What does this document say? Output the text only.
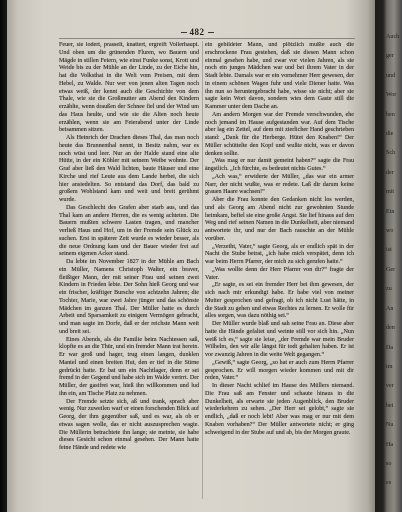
482

Feuer, sie lodert, prasselt, knattert, ergreift Vollerhaupt. Und oben um die grünenden Fluren, wo Bauern und Mägde in stillen Feiern, wie einst Funke sonst, Krott und Weide bis zu der Mühle an der Linde, zu der Eiche hin, hat die Volksthat in die Welt vom Preisen, mit dem Hebel, zu Walde. Nur wer von jenen alten Tagen noch etwas weiß, der kennt auch die Geschichte von dem Thale, wie sie die Großmutter am Abend den Kindern erzählte, wenn draußen der Schnee fiel und der Wind um das Haus heulte, und wie sie die Alten noch heute erzählen, wenn sie am Feierabend unter der Linde beisammen sitzen.

Als Heinrich der Drachen dieses Thal, das man noch heute das Brunnenthal nennt, in Besitz nahm, war es noch wüst und leer. Nur an der Halde stand eine alte Hütte, in der ein Köhler mit seinem Weibe wohnte. Der Graf aber ließ den Wald lichten, baute Häuser und eine Kirche und rief Leute aus dem Lande herbei, die sich hier ansiedelten. So entstand das Dorf, das bald zu großem Wohlstand kam und weit und breit gerühmt wurde.

Das Geschlecht des Grafen aber starb aus, und das Thal kam an andere Herren, die es wenig achteten. Die Bauern mußten schwere Lasten tragen, und mancher verließ Haus und Hof, um in der Fremde sein Glück zu suchen. Erst in späterer Zeit wurde es wieder besser, als die neue Ordnung kam und der Bauer wieder frei auf seinem eigenen Acker stand.

Da lebte im November 1827 in der Mühle am Bach ein Müller, Namens Christoph Walter, ein braver, fleißiger Mann, der mit seiner Frau und seinen zwei Kindern in Frieden lebte. Der Sohn hieß Georg und war ein frischer, kräftiger Bursche von achtzehn Jahren; die Tochter, Marie, war zwei Jahre jünger und das schönste Mädchen im ganzen Thal. Der Müller hatte es durch Arbeit und Sparsamkeit zu einigem Vermögen gebracht, und man sagte im Dorfe, daß er der reichste Mann weit und breit sei.

Eines Abends, als die Familie beim Nachtessen saß, klopfte es an die Thür, und ein fremder Mann trat herein. Er war groß und hager, trug einen langen, dunklen Mantel und einen breiten Hut, den er tief in die Stirne gedrückt hatte. Er bat um ein Nachtlager, denn er sei fremd in der Gegend und habe sich im Walde verirrt. Der Müller, der gastfrei war, hieß ihn willkommen und lud ihn ein, am Tische Platz zu nehmen.

Der Fremde setzte sich, aß und trank, sprach aber wenig. Nur zuweilen warf er einen forschenden Blick auf Georg, der ihm gegenüber saß, und es war, als ob er etwas sagen wolle, das er nicht auszusprechen wagte. Die Müllerin betrachtete ihn lange; sie meinte, sie habe dieses Gesicht schon einmal gesehen. Der Mann hatte feine Hände und redete wie

ein gebildeter Mann, und plötzlich mußte auch die erschrockene Frau gestehen, daß sie diesen Mann schon einmal gesehen habe, und zwar vor vielen Jahren, als sie noch ein junges Mädchen war und bei ihrem Vater in der Stadt lebte. Damals war er ein vornehmer Herr gewesen, der in einem schönen Wagen fuhr und viele Diener hatte. Was ihn nun so heruntergebracht habe, wisse sie nicht; aber sie sagte kein Wort davon, sondern wies dem Gaste still die Kammer unter dem Dache an.

Am andern Morgen war der Fremde verschwunden, ehe noch jemand im Hause aufgestanden war. Auf dem Tische aber lag ein Zettel, auf dem mit zierlicher Hand geschrieben stand: „Dank für die Herberge. Hütet den Knaben!“ Der Müller schüttelte den Kopf und wußte nicht, was er davon denken sollte.

„Was mag er nur damit gemeint haben?“ sagte die Frau ängstlich. „Ich fürchte, es bedeutet nichts Gutes.“

„Ach was,“ erwiderte der Müller, „das war ein armer Narr, der nicht wußte, was er redete. Laß dir darum keine grauen Haare wachsen!“

Aber die Frau konnte den Gedanken nicht los werden, und als Georg am Abend nicht zur gewohnten Stunde heimkam, befiel sie eine große Angst. Sie lief hinaus auf den Weg und rief seinen Namen in die Dunkelheit, aber niemand antwortete ihr, und nur der Bach rauschte an der Mühle vorüber.

„Verzeiht, Vater,“ sagte Georg, als er endlich spät in der Nacht die Stube betrat, „ich habe mich verspätet, denn ich war beim Herrn Pfarrer, der mich zu sich gerufen hatte.“

„Was wollte denn der Herr Pfarrer von dir?“ fragte der Vater.

„Er sagte, es sei ein fremder Herr bei ihm gewesen, der sich nach mir erkundigt habe. Er habe viel von meiner Mutter gesprochen und gefragt, ob ich nicht Lust hätte, in die Stadt zu gehen und etwas Rechtes zu lernen. Er wolle für alles sorgen, was dazu nöthig sei.“

Der Müller wurde blaß und sah seine Frau an. Diese aber hatte die Hände gefaltet und weinte still vor sich hin. „Nun weiß ich es,“ sagte sie leise, „der Fremde war mein Bruder Wilhelm, den wir alle längst für todt gehalten haben. Er ist vor zwanzig Jahren in die weite Welt gegangen.“

„Gewiß,“ sagte Georg, „so hat er auch zum Herrn Pfarrer gesprochen. Er will morgen wieder kommen und mit dir reden, Vater.“

In dieser Nacht schlief im Hause des Müllers niemand. Die Frau saß am Fenster und schaute hinaus in die Dunkelheit, als erwarte sie jeden Augenblick, den Bruder wiederkehren zu sehen. „Der Herr sei gelobt,“ sagte sie endlich, „daß er noch lebt! Aber was mag er nur mit dem Knaben vorhaben?“ Der Müller antwortete nicht; er ging schweigend in der Stube auf und ab, bis der Morgen graute.

Auch
ger
und
Wor
ben
die
Sch
der
mit
Ein
wo
ist
Ger
zu
An
den
Da
im
ver
bei
Nu
Ha
so
es
